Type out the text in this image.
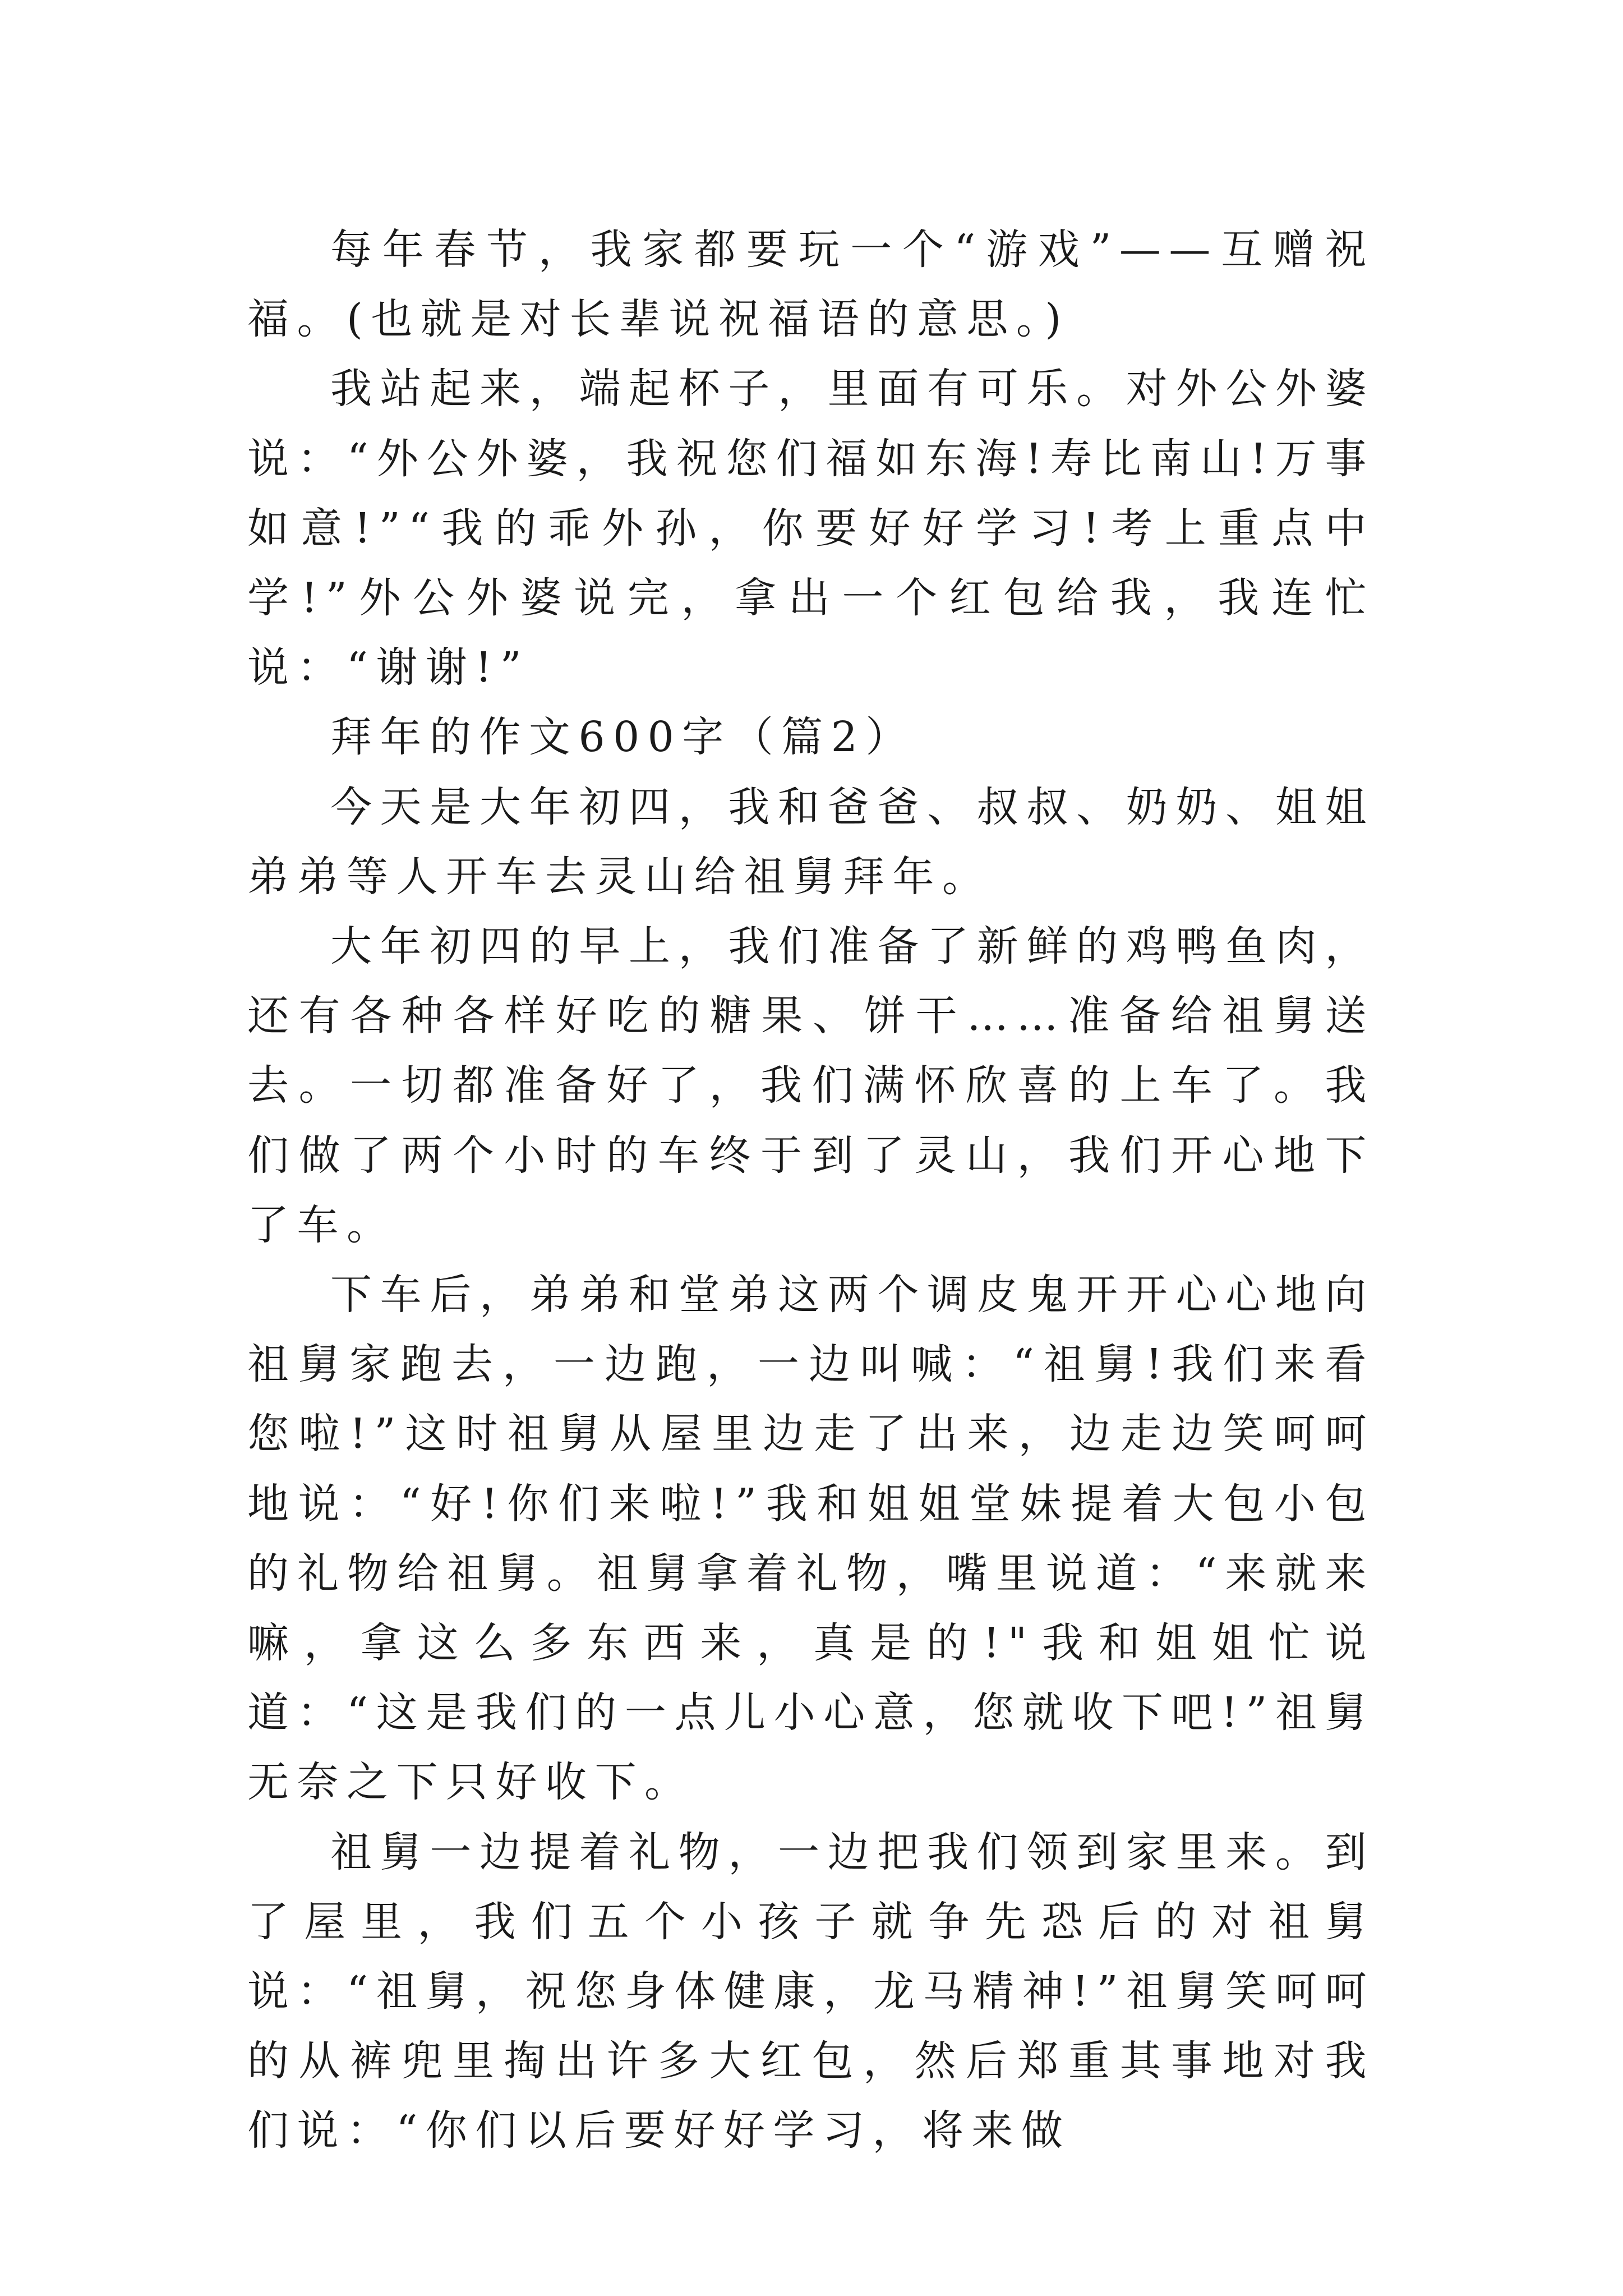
每年春节，我家都要玩一个“游戏”——互赠祝福。(也就是对长辈说祝福语的意思。)

我站起来，端起杯子，里面有可乐。对外公外婆说：“外公外婆，我祝您们福如东海!寿比南山!万事如意!”“我的乖外孙，你要好好学习!考上重点中学!”外公外婆说完，拿出一个红包给我，我连忙说：“谢谢!”

拜年的作文600字（篇2）

今天是大年初四，我和爸爸、叔叔、奶奶、姐姐弟弟等人开车去灵山给祖舅拜年。

大年初四的早上，我们准备了新鲜的鸡鸭鱼肉，还有各种各样好吃的糖果、饼干……准备给祖舅送去。一切都准备好了，我们满怀欣喜的上车了。我们做了两个小时的车终于到了灵山，我们开心地下了车。

下车后，弟弟和堂弟这两个调皮鬼开开心心地向祖舅家跑去，一边跑，一边叫喊：“祖舅!我们来看您啦!”这时祖舅从屋里边走了出来，边走边笑呵呵地说：“好!你们来啦!”我和姐姐堂妹提着大包小包的礼物给祖舅。祖舅拿着礼物，嘴里说道：“来就来嘛，拿这么多东西来，真是的!"我和姐姐忙说道：“这是我们的一点儿小心意，您就收下吧!”祖舅无奈之下只好收下。

祖舅一边提着礼物，一边把我们领到家里来。到了屋里，我们五个小孩子就争先恐后的对祖舅说：“祖舅，祝您身体健康，龙马精神!”祖舅笑呵呵的从裤兜里掏出许多大红包，然后郑重其事地对我们说：“你们以后要好好学习，将来做
